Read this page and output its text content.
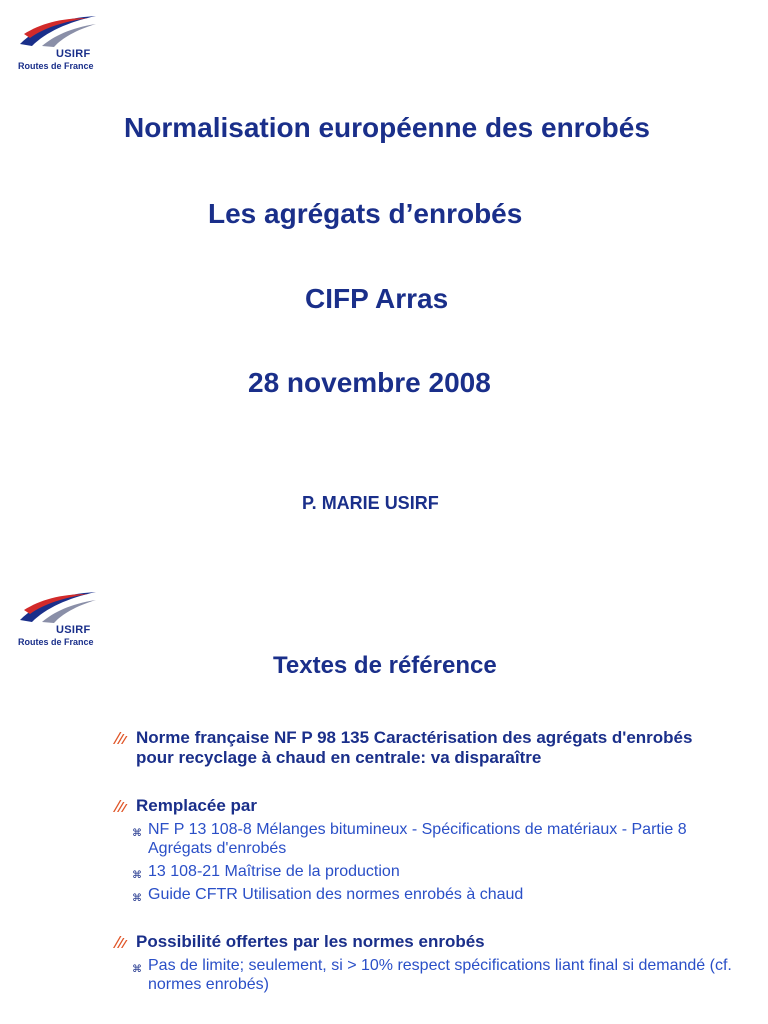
USIRF
Routes de France
Normalisation européenne des enrobés
Les agrégats d’enrobés
CIFP Arras
28 novembre 2008
P. MARIE USIRF
USIRF
Routes de France
Textes de référence
Norme française NF P 98 135 Caractérisation des agrégats d'enrobés pour recyclage à chaud en centrale: va disparaître
Remplacée par
⌘ NF P 13 108-8 Mélanges bitumineux - Spécifications de matériaux - Partie 8 Agrégats d'enrobés
⌘ 13 108-21 Maîtrise de la production
⌘ Guide CFTR Utilisation des normes enrobés à chaud
Possibilité offertes par les normes enrobés
⌘ Pas de limite; seulement, si > 10% respect spécifications liant final si demandé (cf. normes enrobés)
